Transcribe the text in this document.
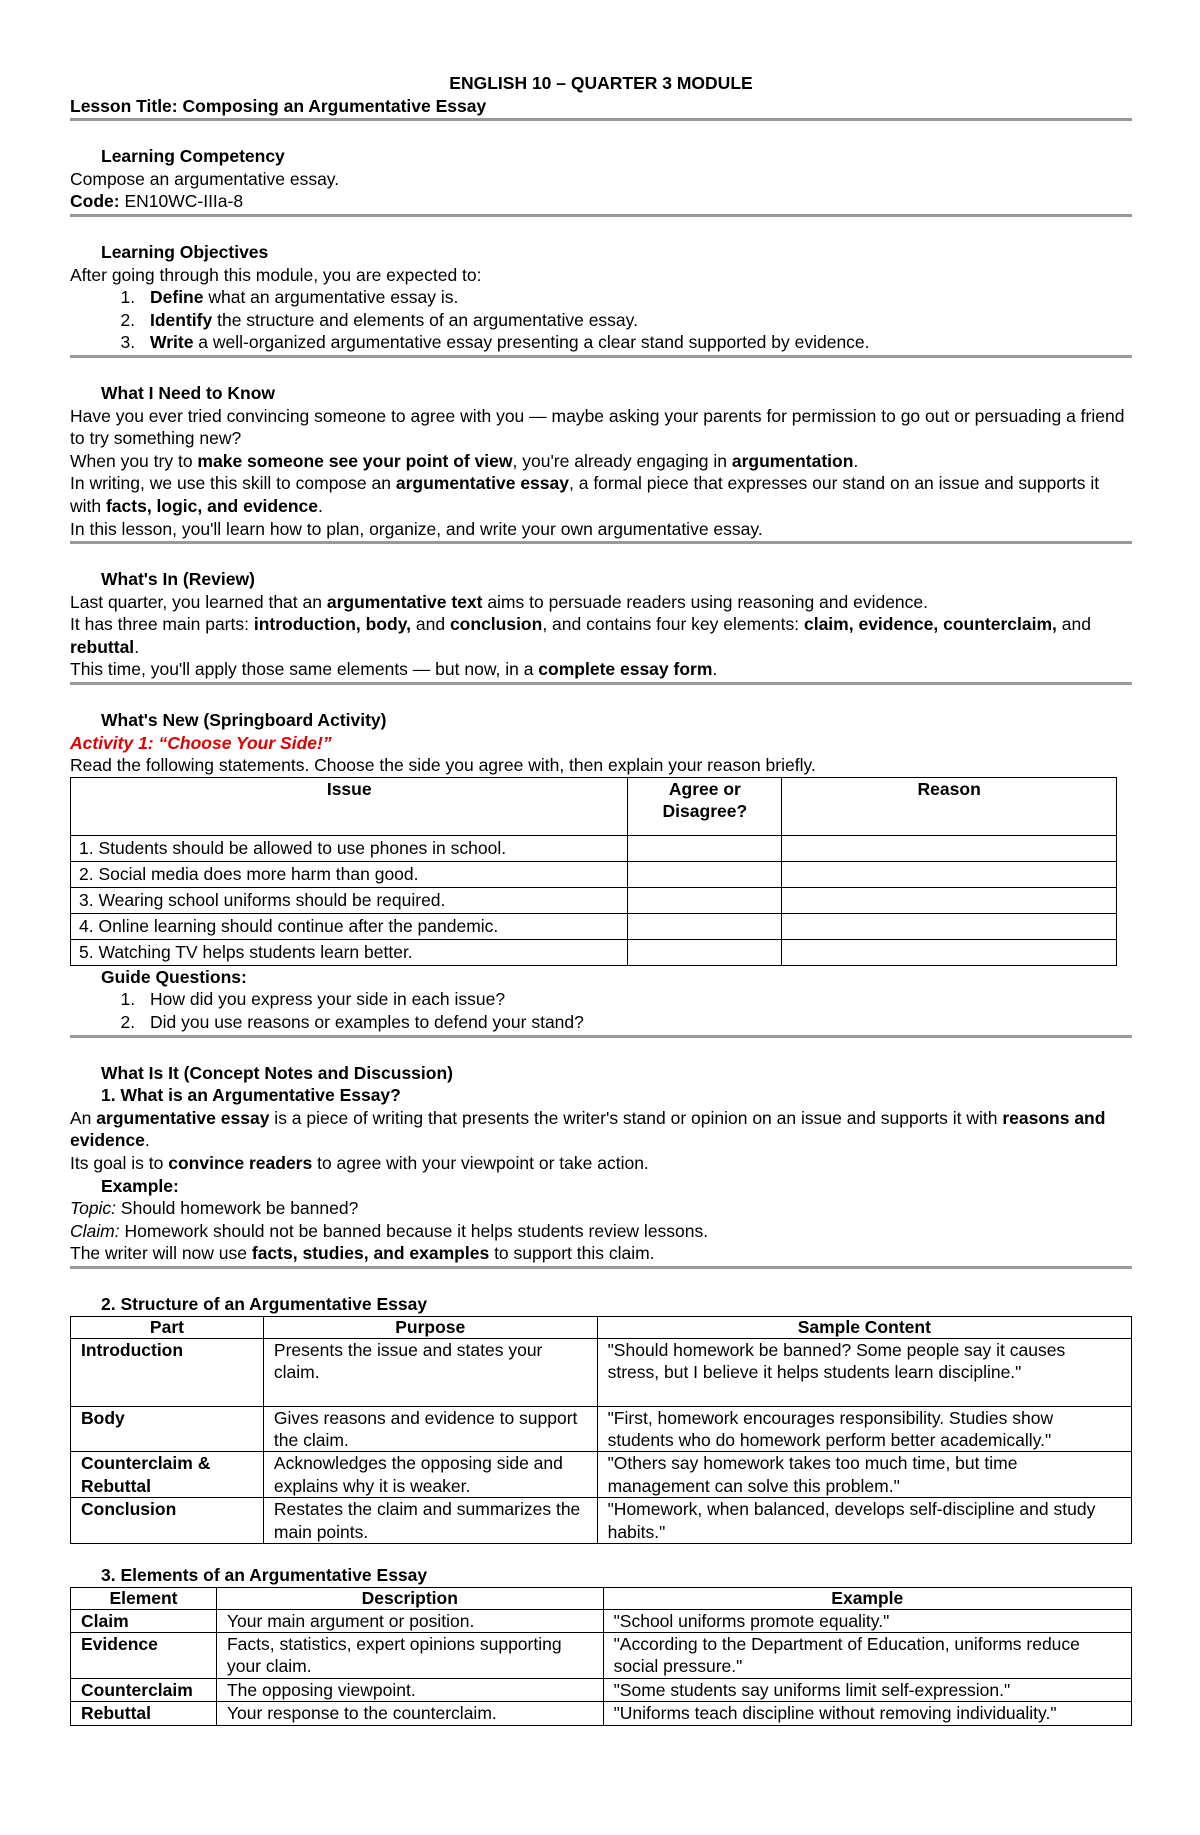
ENGLISH 10 – QUARTER 3 MODULE
Lesson Title: Composing an Argumentative Essay
Learning Competency
Compose an argumentative essay.
Code: EN10WC-IIIa-8
Learning Objectives
After going through this module, you are expected to:
1. Define what an argumentative essay is.
2. Identify the structure and elements of an argumentative essay.
3. Write a well-organized argumentative essay presenting a clear stand supported by evidence.
What I Need to Know
Have you ever tried convincing someone to agree with you — maybe asking your parents for permission to go out or persuading a friend to try something new?
When you try to make someone see your point of view, you're already engaging in argumentation.
In writing, we use this skill to compose an argumentative essay, a formal piece that expresses our stand on an issue and supports it with facts, logic, and evidence.
In this lesson, you'll learn how to plan, organize, and write your own argumentative essay.
What's In (Review)
Last quarter, you learned that an argumentative text aims to persuade readers using reasoning and evidence.
It has three main parts: introduction, body, and conclusion, and contains four key elements: claim, evidence, counterclaim, and rebuttal.
This time, you'll apply those same elements — but now, in a complete essay form.
What's New (Springboard Activity)
Activity 1: “Choose Your Side!”
Read the following statements. Choose the side you agree with, then explain your reason briefly.
Issue	Agree or Disagree?	Reason
1. Students should be allowed to use phones in school.		
2. Social media does more harm than good.		
3. Wearing school uniforms should be required.		
4. Online learning should continue after the pandemic.		
5. Watching TV helps students learn better.		
Guide Questions:
1. How did you express your side in each issue?
2. Did you use reasons or examples to defend your stand?
What Is It (Concept Notes and Discussion)
1. What is an Argumentative Essay?
An argumentative essay is a piece of writing that presents the writer's stand or opinion on an issue and supports it with reasons and evidence.
Its goal is to convince readers to agree with your viewpoint or take action.
Example:
Topic: Should homework be banned?
Claim: Homework should not be banned because it helps students review lessons.
The writer will now use facts, studies, and examples to support this claim.
2. Structure of an Argumentative Essay
Part	Purpose	Sample Content
Introduction	Presents the issue and states your claim.	"Should homework be banned? Some people say it causes stress, but I believe it helps students learn discipline."
Body	Gives reasons and evidence to support the claim.	"First, homework encourages responsibility. Studies show students who do homework perform better academically."
Counterclaim & Rebuttal	Acknowledges the opposing side and explains why it is weaker.	"Others say homework takes too much time, but time management can solve this problem."
Conclusion	Restates the claim and summarizes the main points.	"Homework, when balanced, develops self-discipline and study habits."
3. Elements of an Argumentative Essay
Element	Description	Example
Claim	Your main argument or position.	"School uniforms promote equality."
Evidence	Facts, statistics, expert opinions supporting your claim.	"According to the Department of Education, uniforms reduce social pressure."
Counterclaim	The opposing viewpoint.	"Some students say uniforms limit self-expression."
Rebuttal	Your response to the counterclaim.	"Uniforms teach discipline without removing individuality."
